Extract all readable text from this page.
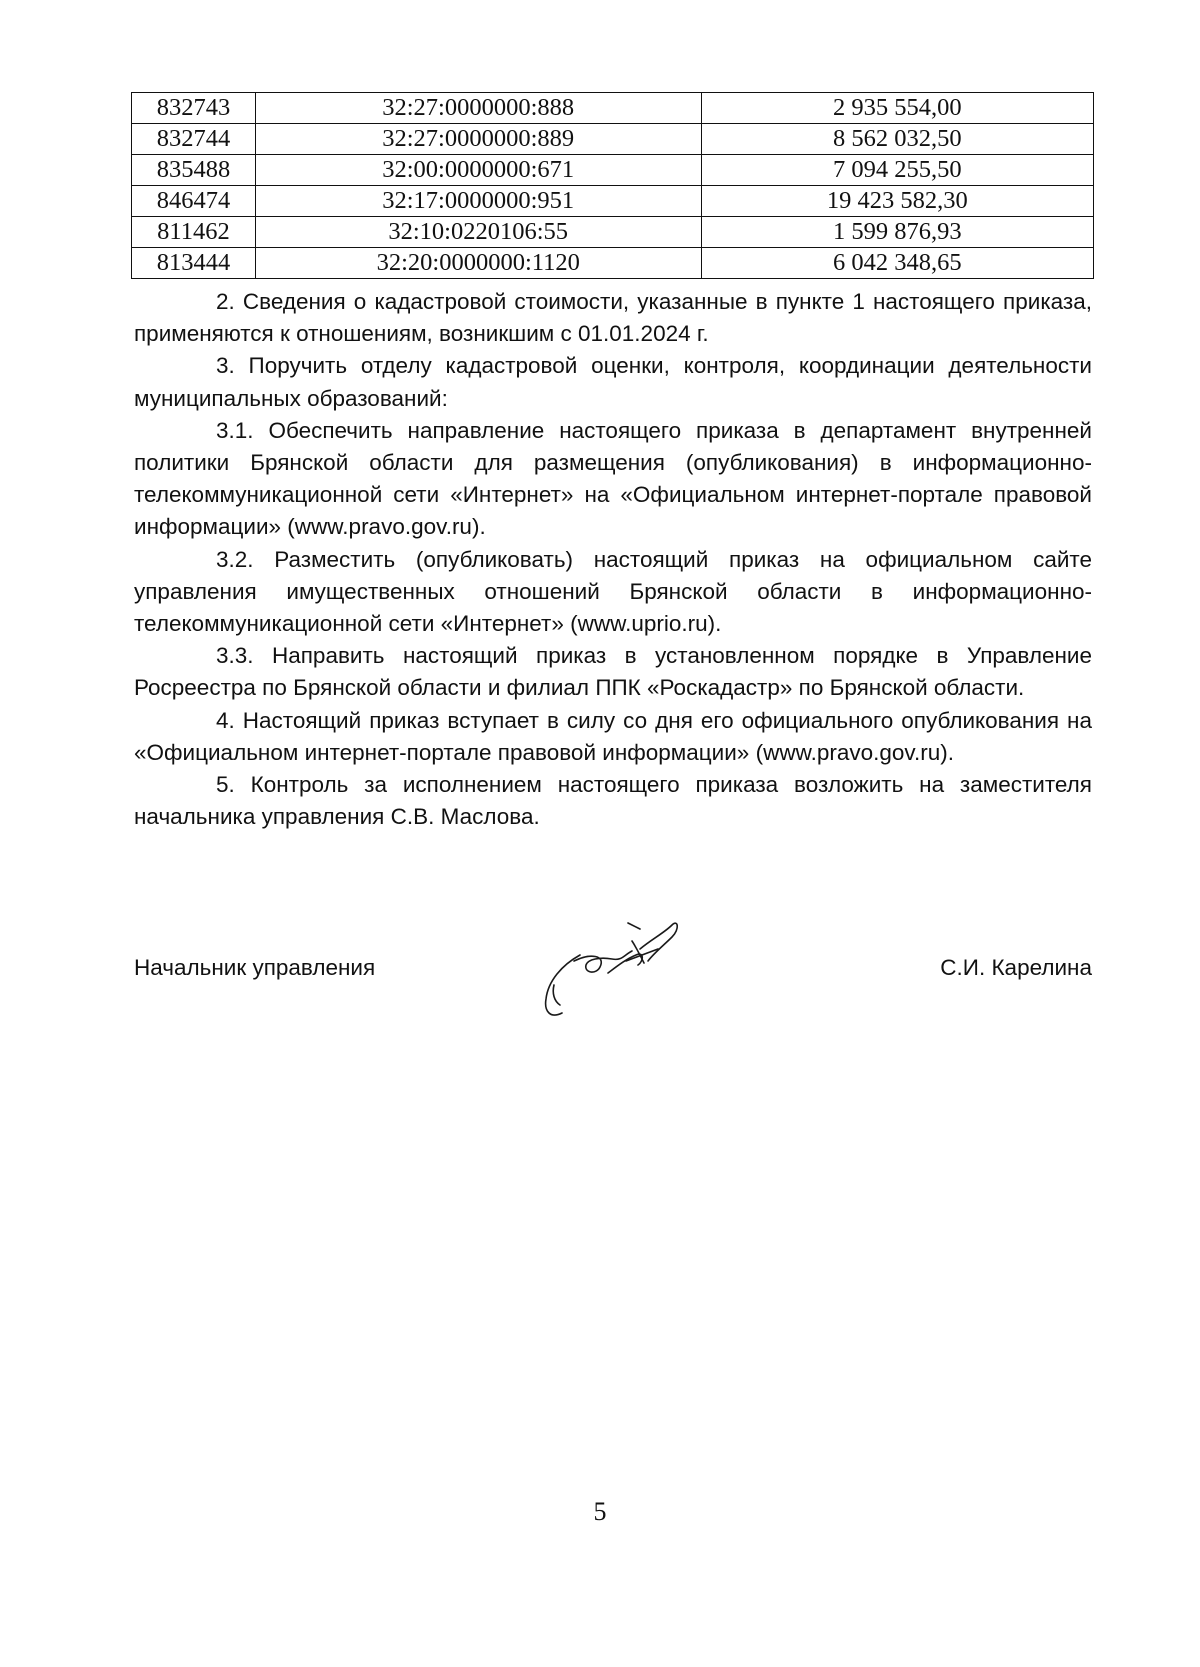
832743	32:27:0000000:888	2 935 554,00
832744	32:27:0000000:889	8 562 032,50
835488	32:00:0000000:671	7 094 255,50
846474	32:17:0000000:951	19 423 582,30
811462	32:10:0220106:55	1 599 876,93
813444	32:20:0000000:1120	6 042 348,65

2. Сведения о кадастровой стоимости, указанные в пункте 1 настоящего приказа, применяются к отношениям, возникшим с 01.01.2024 г.

3. Поручить отделу кадастровой оценки, контроля, координации деятельности муниципальных образований:

3.1. Обеспечить направление настоящего приказа в департамент внутренней политики Брянской области для размещения (опубликования) в информационно-телекоммуникационной сети «Интернет» на «Официальном интернет-портале правовой информации» (www.pravo.gov.ru).

3.2. Разместить (опубликовать) настоящий приказ на официальном сайте управления имущественных отношений Брянской области в информационно-телекоммуникационной сети «Интернет» (www.uprio.ru).

3.3. Направить настоящий приказ в установленном порядке в Управление Росреестра по Брянской области и филиал ППК «Роскадастр» по Брянской области.

4. Настоящий приказ вступает в силу со дня его официального опубликования на «Официальном интернет-портале правовой информации» (www.pravo.gov.ru).

5. Контроль за исполнением настоящего приказа возложить на заместителя начальника управления С.В. Маслова.

Начальник управления	С.И. Карелина
5
